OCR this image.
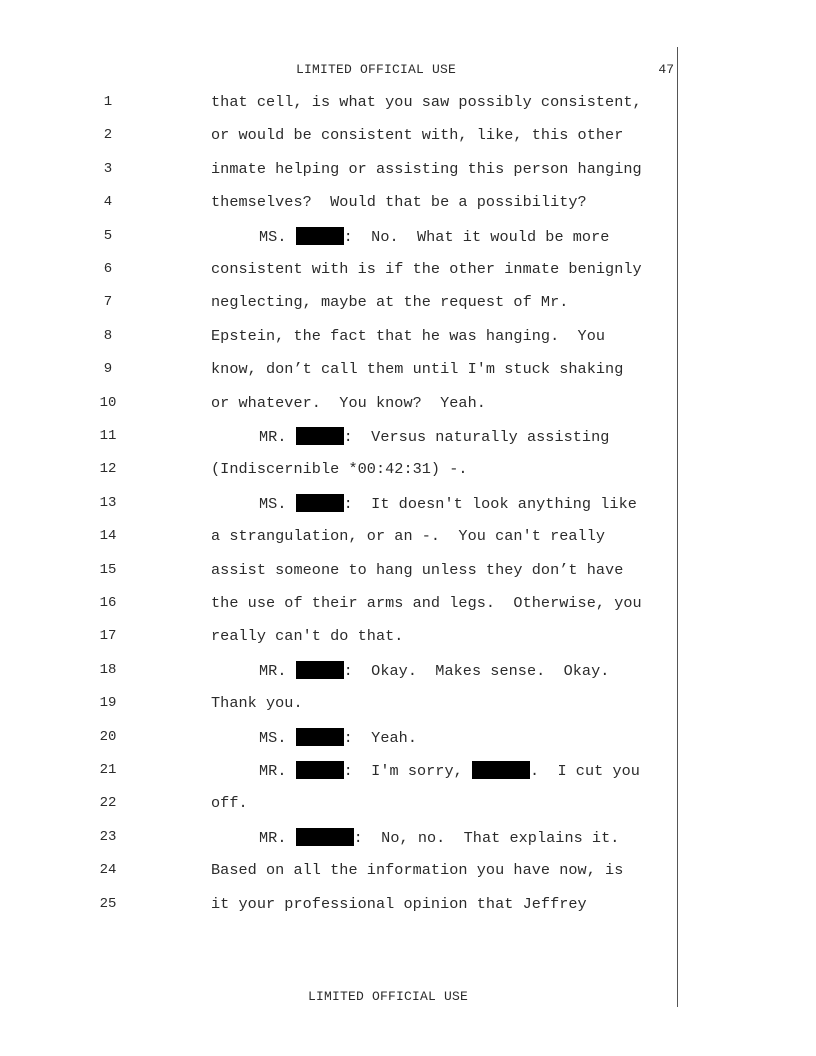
LIMITED OFFICIAL USE	47
1	that cell, is what you saw possibly consistent,
2	or would be consistent with, like, this other
3	inmate helping or assisting this person hanging
4	themselves?  Would that be a possibility?
5	MS.	:  No.  What it would be more
6	consistent with is if the other inmate benignly
7	neglecting, maybe at the request of Mr.
8	Epstein, the fact that he was hanging.  You
9	know, don’t call them until I'm stuck shaking
10	or whatever.  You know?  Yeah.
11	MR.	:  Versus naturally assisting
12	(Indiscernible *00:42:31) -.
13	MS.	:  It doesn't look anything like
14	a strangulation, or an -.  You can't really
15	assist someone to hang unless they don’t have
16	the use of their arms and legs.  Otherwise, you
17	really can't do that.
18	MR.	:  Okay.  Makes sense.  Okay.
19	Thank you.
20	MS.	:  Yeah.
21	MR.	:  I'm sorry,	.  I cut you
22	off.
23	MR.	:  No, no.  That explains it.
24	Based on all the information you have now, is
25	it your professional opinion that Jeffrey
LIMITED OFFICIAL USE
